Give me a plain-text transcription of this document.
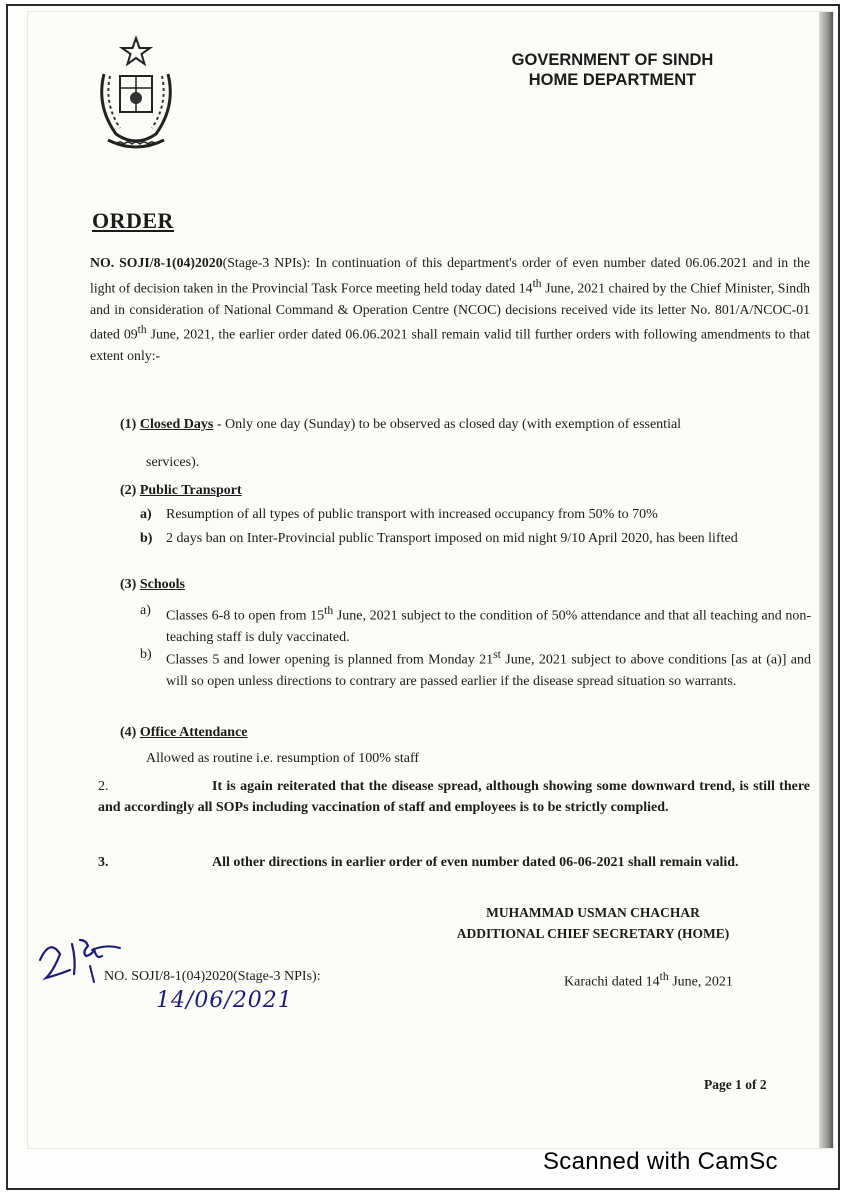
GOVERNMENT OF SINDH
HOME DEPARTMENT
ORDER
NO. SOJI/8-1(04)2020(Stage-3 NPIs): In continuation of this department's order of even number dated 06.06.2021 and in the light of decision taken in the Provincial Task Force meeting held today dated 14th June, 2021 chaired by the Chief Minister, Sindh and in consideration of National Command & Operation Centre (NCOC) decisions received vide its letter No. 801/A/NCOC-01 dated 09th June, 2021, the earlier order dated 06.06.2021 shall remain valid till further orders with following amendments to that extent only:-
(1) Closed Days - Only one day (Sunday) to be observed as closed day (with exemption of essential
services).
(2) Public Transport
a) Resumption of all types of public transport with increased occupancy from 50% to 70%
b) 2 days ban on Inter-Provincial public Transport imposed on mid night 9/10 April 2020, has been lifted
(3) Schools
a) Classes 6-8 to open from 15th June, 2021 subject to the condition of 50% attendance and that all teaching and non-teaching staff is duly vaccinated.
b) Classes 5 and lower opening is planned from Monday 21st June, 2021 subject to above conditions [as at (a)] and will so open unless directions to contrary are passed earlier if the disease spread situation so warrants.
(4) Office Attendance
Allowed as routine i.e. resumption of 100% staff
2.	It is again reiterated that the disease spread, although showing some downward trend, is still there and accordingly all SOPs including vaccination of staff and employees is to be strictly complied.
3.	All other directions in earlier order of even number dated 06-06-2021 shall remain valid.
MUHAMMAD USMAN CHACHAR
ADDITIONAL CHIEF SECRETARY (HOME)
NO. SOJI/8-1(04)2020(Stage-3 NPIs):	Karachi dated 14th June, 2021
14/06/2021
Page 1 of 2
Scanned with CamSc
